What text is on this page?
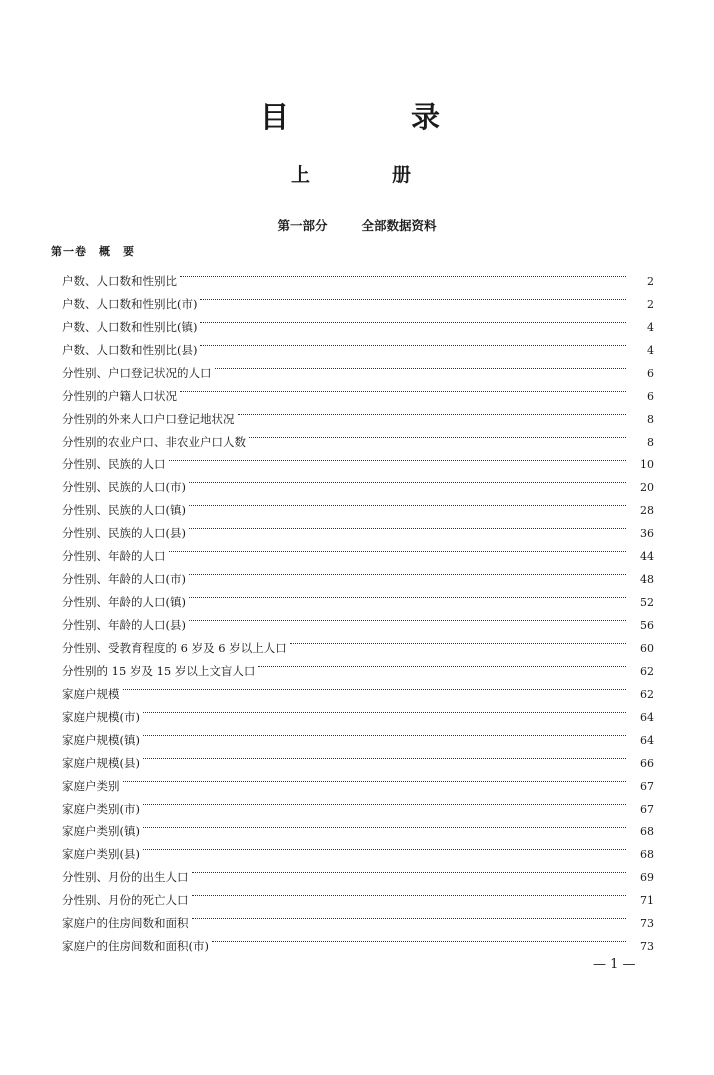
目	录
上	册
第一部分	全部数据资料
第一卷　概　要
户数、人口数和性别比	2
户数、人口数和性别比(市)	2
户数、人口数和性别比(镇)	4
户数、人口数和性别比(县)	4
分性别、户口登记状况的人口	6
分性别的户籍人口状况	6
分性别的外来人口户口登记地状况	8
分性别的农业户口、非农业户口人数	8
分性别、民族的人口	10
分性别、民族的人口(市)	20
分性别、民族的人口(镇)	28
分性别、民族的人口(县)	36
分性别、年龄的人口	44
分性别、年龄的人口(市)	48
分性别、年龄的人口(镇)	52
分性别、年龄的人口(县)	56
分性别、受教育程度的 6 岁及 6 岁以上人口	60
分性别的 15 岁及 15 岁以上文盲人口	62
家庭户规模	62
家庭户规模(市)	64
家庭户规模(镇)	64
家庭户规模(县)	66
家庭户类别	67
家庭户类别(市)	67
家庭户类别(镇)	68
家庭户类别(县)	68
分性别、月份的出生人口	69
分性别、月份的死亡人口	71
家庭户的住房间数和面积	73
家庭户的住房间数和面积(市)	73
— 1 —
